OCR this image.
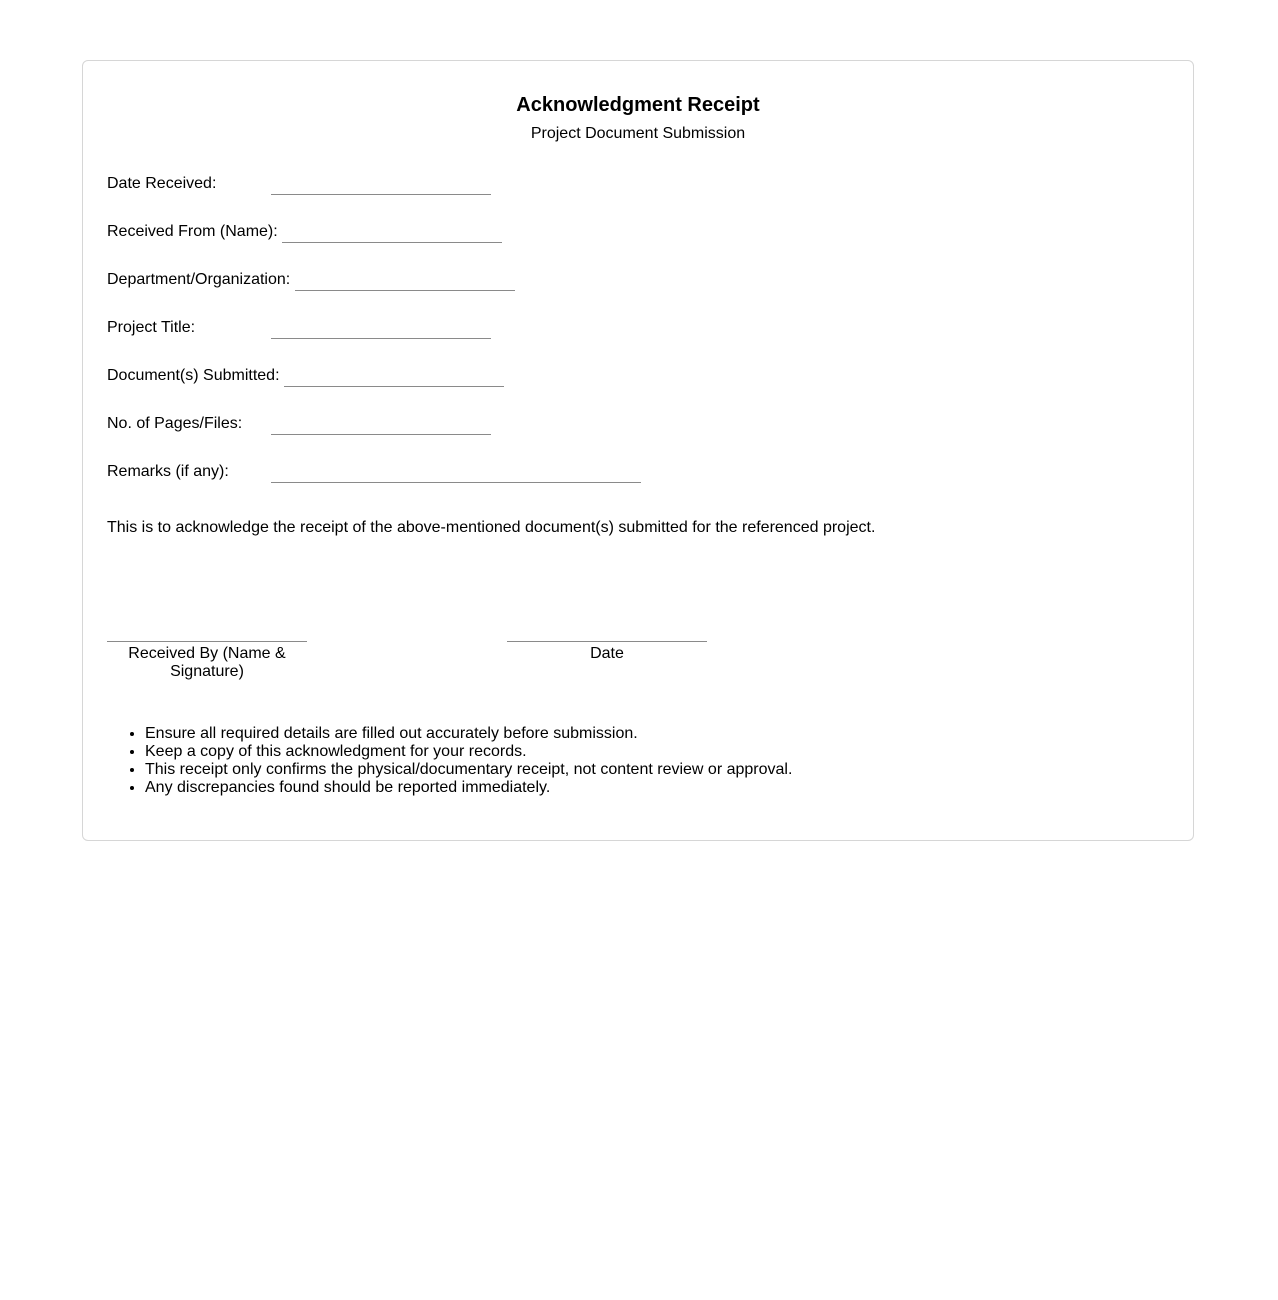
Acknowledgment Receipt
Project Document Submission
Date Received:
Received From (Name):
Department/Organization:
Project Title:
Document(s) Submitted:
No. of Pages/Files:
Remarks (if any):
This is to acknowledge the receipt of the above-mentioned document(s) submitted for the referenced project.
Received By (Name & Signature)
Date
• Ensure all required details are filled out accurately before submission.
• Keep a copy of this acknowledgment for your records.
• This receipt only confirms the physical/documentary receipt, not content review or approval.
• Any discrepancies found should be reported immediately.
